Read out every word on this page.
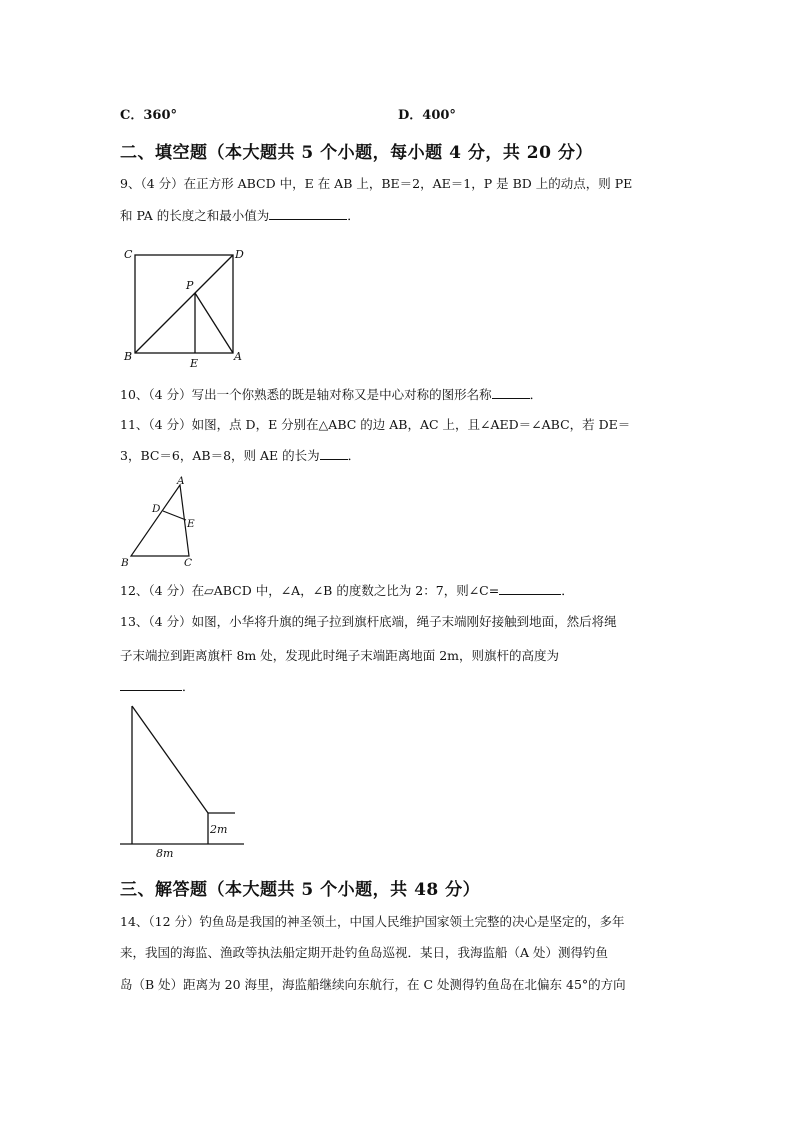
C．360°	D．400°
二、填空题（本大题共 5 个小题，每小题 4 分，共 20 分）
9、（4 分）在正方形 ABCD 中，E 在 AB 上，BE＝2，AE＝1，P 是 BD 上的动点，则 PE
和 PA 的长度之和最小值为	．
C	D
P
B
E
A
10、（4 分）写出一个你熟悉的既是轴对称又是中心对称的图形名称	．
11、（4 分）如图，点 D，E 分别在△ABC 的边 AB，AC 上，且∠AED＝∠ABC，若 DE＝
3，BC＝6，AB＝8，则 AE 的长为 ．
A
D
E
B	C
12、（4 分）在▱ABCD 中，∠A，∠B 的度数之比为 2：7，则∠C=	．
13、（4 分）如图，小华将升旗的绳子拉到旗杆底端，绳子末端刚好接触到地面，然后将绳
子末端拉到距离旗杆 8m 处，发现此时绳子末端距离地面 2m，则旗杆的高度为
．
2m
8m
三、解答题（本大题共 5 个小题，共 48 分）
14、（12 分）钓鱼岛是我国的神圣领土，中国人民维护国家领土完整的决心是坚定的，多年
来，我国的海监、渔政等执法船定期开赴钓鱼岛巡视．某日，我海监船（A 处）测得钓鱼
岛（B 处）距离为 20 海里，海监船继续向东航行，在 C 处测得钓鱼岛在北偏东 45°的方向
